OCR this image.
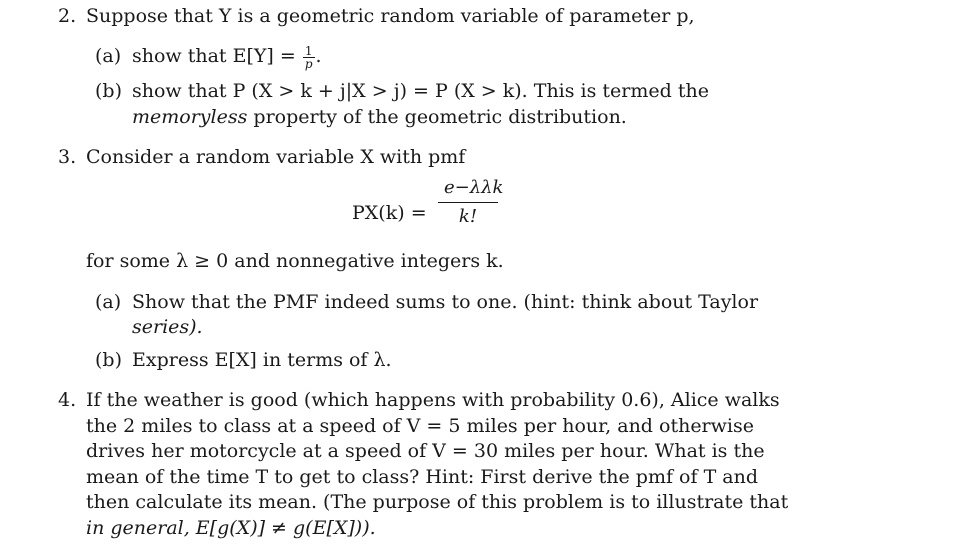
2. Suppose that Y is a geometric random variable of parameter p,
(a) show that $E[Y] = \frac{1}{p}$ .
(b) show that P (X > k + j|X > j) = P (X > k). This is termed the
memoryless property of the geometric distribution.
3. Consider a random variable X with pmf
PX(k) =
e−λλk
k!
for some λ ≥ 0 and nonnegative integers k.
(a) Show that the PMF indeed sums to one. (hint: think about Taylor
series).
(b) Express E[X] in terms of λ.
4. If the weather is good (which happens with probability 0.6), Alice walks
the 2 miles to class at a speed of V = 5 miles per hour, and otherwise
drives her motorcycle at a speed of V = 30 miles per hour. What is the
mean of the time T to get to class? Hint: First derive the pmf of T and
then calculate its mean. (The purpose of this problem is to illustrate that
in general, E[g(X)] ≠ g(E[X])).
